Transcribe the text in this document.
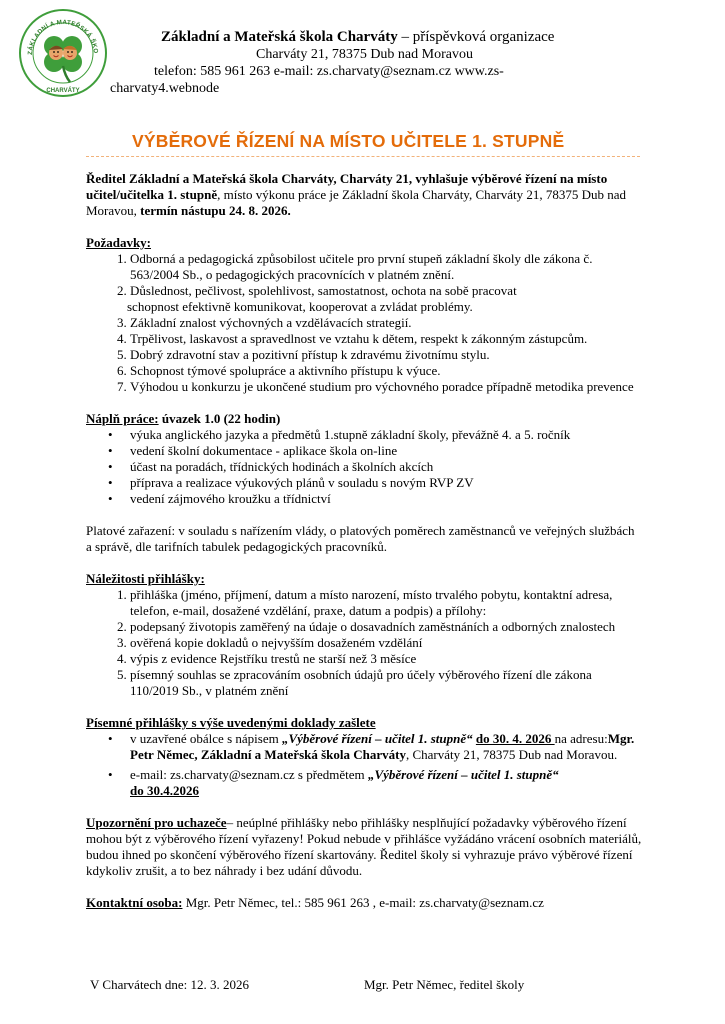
ZÁKLADNÍ A MATEŘSKÁ ŠKO
CHARVÁTY
Základní a Mateřská škola Charváty – příspěvková organizace
Charváty 21, 78375 Dub nad Moravou
telefon: 585 961 263 e-mail: zs.charvaty@seznam.cz www.zs-
charvaty4.webnode
VÝBĚROVÉ ŘÍZENÍ NA MÍSTO UČITELE 1. STUPNĚ

Ředitel Základní a Mateřská škola Charváty, Charváty 21, vyhlašuje výběrové řízení na místo učitel/učitelka 1. stupně, místo výkonu práce je Základní škola Charváty, Charváty 21, 78375 Dub nad Moravou, termín nástupu 24. 8. 2026.

Požadavky:

1. Odborná a pedagogická způsobilost učitele pro první stupeň základní školy dle zákona č. 563/2004 Sb., o pedagogických pracovnících v platném znění.
2. Důslednost, pečlivost, spolehlivost, samostatnost, ochota na sobě pracovat
schopnost efektivně komunikovat, kooperovat a zvládat problémy.
3. Základní znalost výchovných a vzdělávacích strategií.
4. Trpělivost, laskavost a spravedlnost ve vztahu k dětem, respekt k zákonným zástupcům.
5. Dobrý zdravotní stav a pozitivní přístup k zdravému životnímu stylu.
6. Schopnost týmové spolupráce a aktivního přístupu k výuce.
7. Výhodou u konkurzu je ukončené studium pro výchovného poradce případně metodika prevence

Náplň práce: úvazek 1.0 (22 hodin)

• výuka anglického jazyka a předmětů 1.stupně základní školy, převážně 4. a 5. ročník
• vedení školní dokumentace - aplikace škola on-line
• účast na poradách, třídnických hodinách a školních akcích
• příprava a realizace výukových plánů v souladu s novým RVP ZV
• vedení zájmového kroužku a třídnictví

Platové zařazení: v souladu s nařízením vlády, o platových poměrech zaměstnanců ve veřejných službách a správě, dle tarifních tabulek pedagogických pracovníků.

Náležitosti přihlášky:

1. přihláška (jméno, příjmení, datum a místo narození, místo trvalého pobytu, kontaktní adresa, telefon, e-mail, dosažené vzdělání, praxe, datum a podpis) a přílohy:
2. podepsaný životopis zaměřený na údaje o dosavadních zaměstnáních a odborných znalostech
3. ověřená kopie dokladů o nejvyšším dosaženém vzdělání
4. výpis z evidence Rejstříku trestů ne starší než 3 měsíce
5. písemný souhlas se zpracováním osobních údajů pro účely výběrového řízení dle zákona 110/2019 Sb., v platném znění

Písemné přihlášky s výše uvedenými doklady zašlete

• v uzavřené obálce s nápisem „Výběrové řízení – učitel 1. stupně“ do 30. 4. 2026 na adresu:Mgr. Petr Němec, Základní a Mateřská škola Charváty, Charváty 21, 78375 Dub nad Moravou.
• e-mail: zs.charvaty@seznam.cz s předmětem „Výběrové řízení – učitel 1. stupně“
do 30.4.2026

Upozornění pro uchazeče– neúplné přihlášky nebo přihlášky nesplňující požadavky výběrového řízení mohou být z výběrového řízení vyřazeny! Pokud nebude v přihlášce vyžádáno vrácení osobních materiálů, budou ihned po skončení výběrového řízení skartovány. Ředitel školy si vyhrazuje právo výběrové řízení kdykoliv zrušit, a to bez náhrady i bez udání důvodu.

Kontaktní osoba: Mgr. Petr Němec, tel.: 585 961 263 , e-mail: zs.charvaty@seznam.cz

V Charvátech dne: 12. 3. 2026	Mgr. Petr Němec, ředitel školy
